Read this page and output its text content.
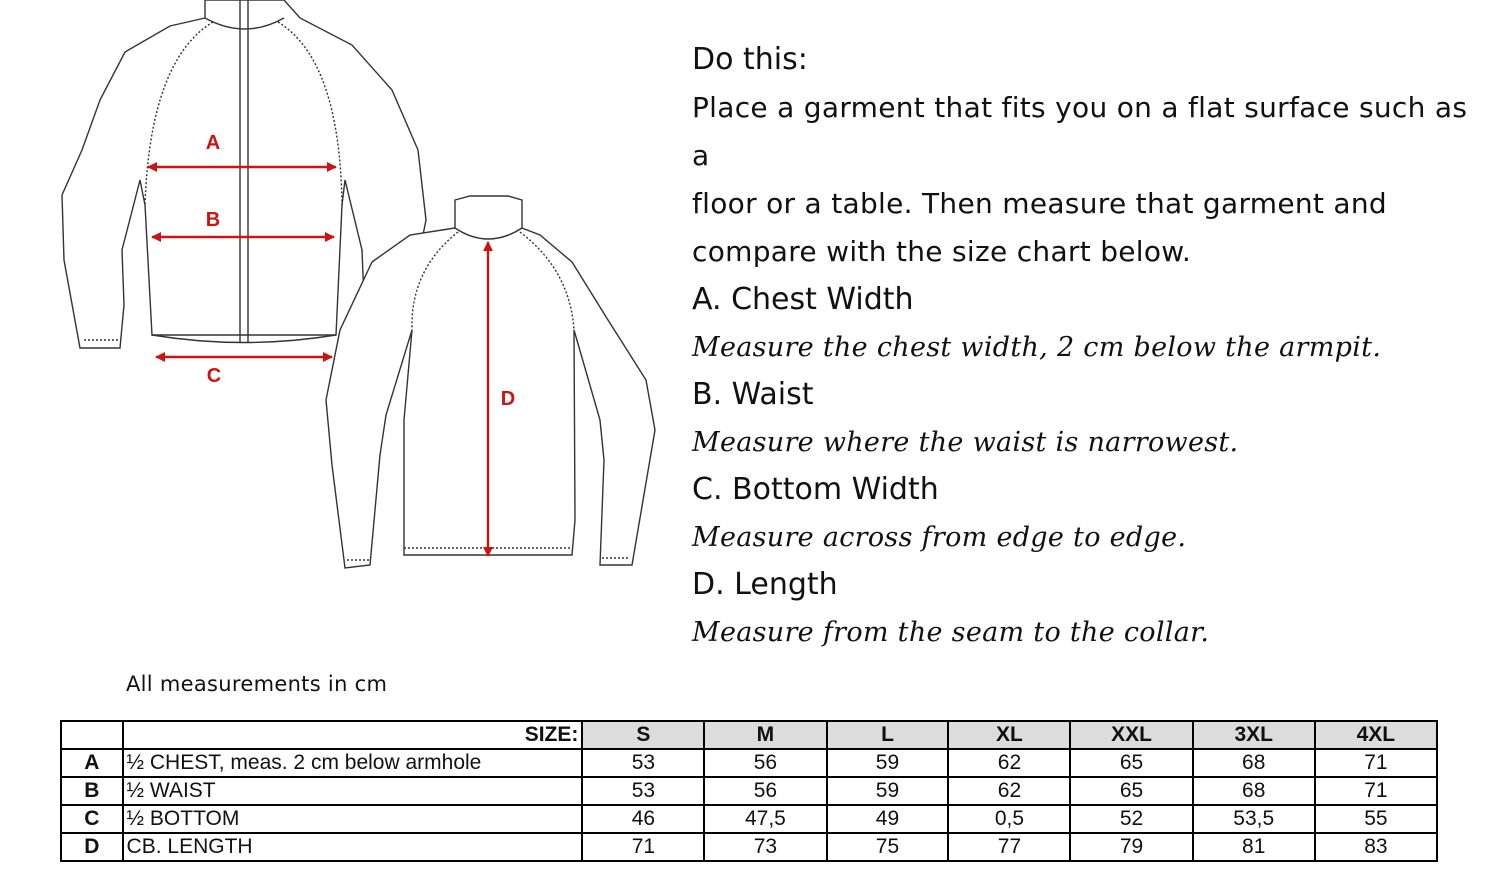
A
B
C
D

Do this:

Place a garment that fits you on a flat surface such as a

floor or a table. Then measure that garment and

compare with the size chart below.

A. Chest Width

Measure the chest width, 2 cm below the armpit.

B. Waist

Measure where the waist is narrowest.

C. Bottom Width

Measure across from edge to edge.

D. Length

Measure from the seam to the collar.

All measurements in cm
	SIZE:	S	M	L	XL	XXL	3XL	4XL
A	½ CHEST, meas. 2 cm below armhole	53	56	59	62	65	68	71
B	½ WAIST	53	56	59	62	65	68	71
C	½ BOTTOM	46	47,5	49	0,5	52	53,5	55
D	CB. LENGTH	71	73	75	77	79	81	83
